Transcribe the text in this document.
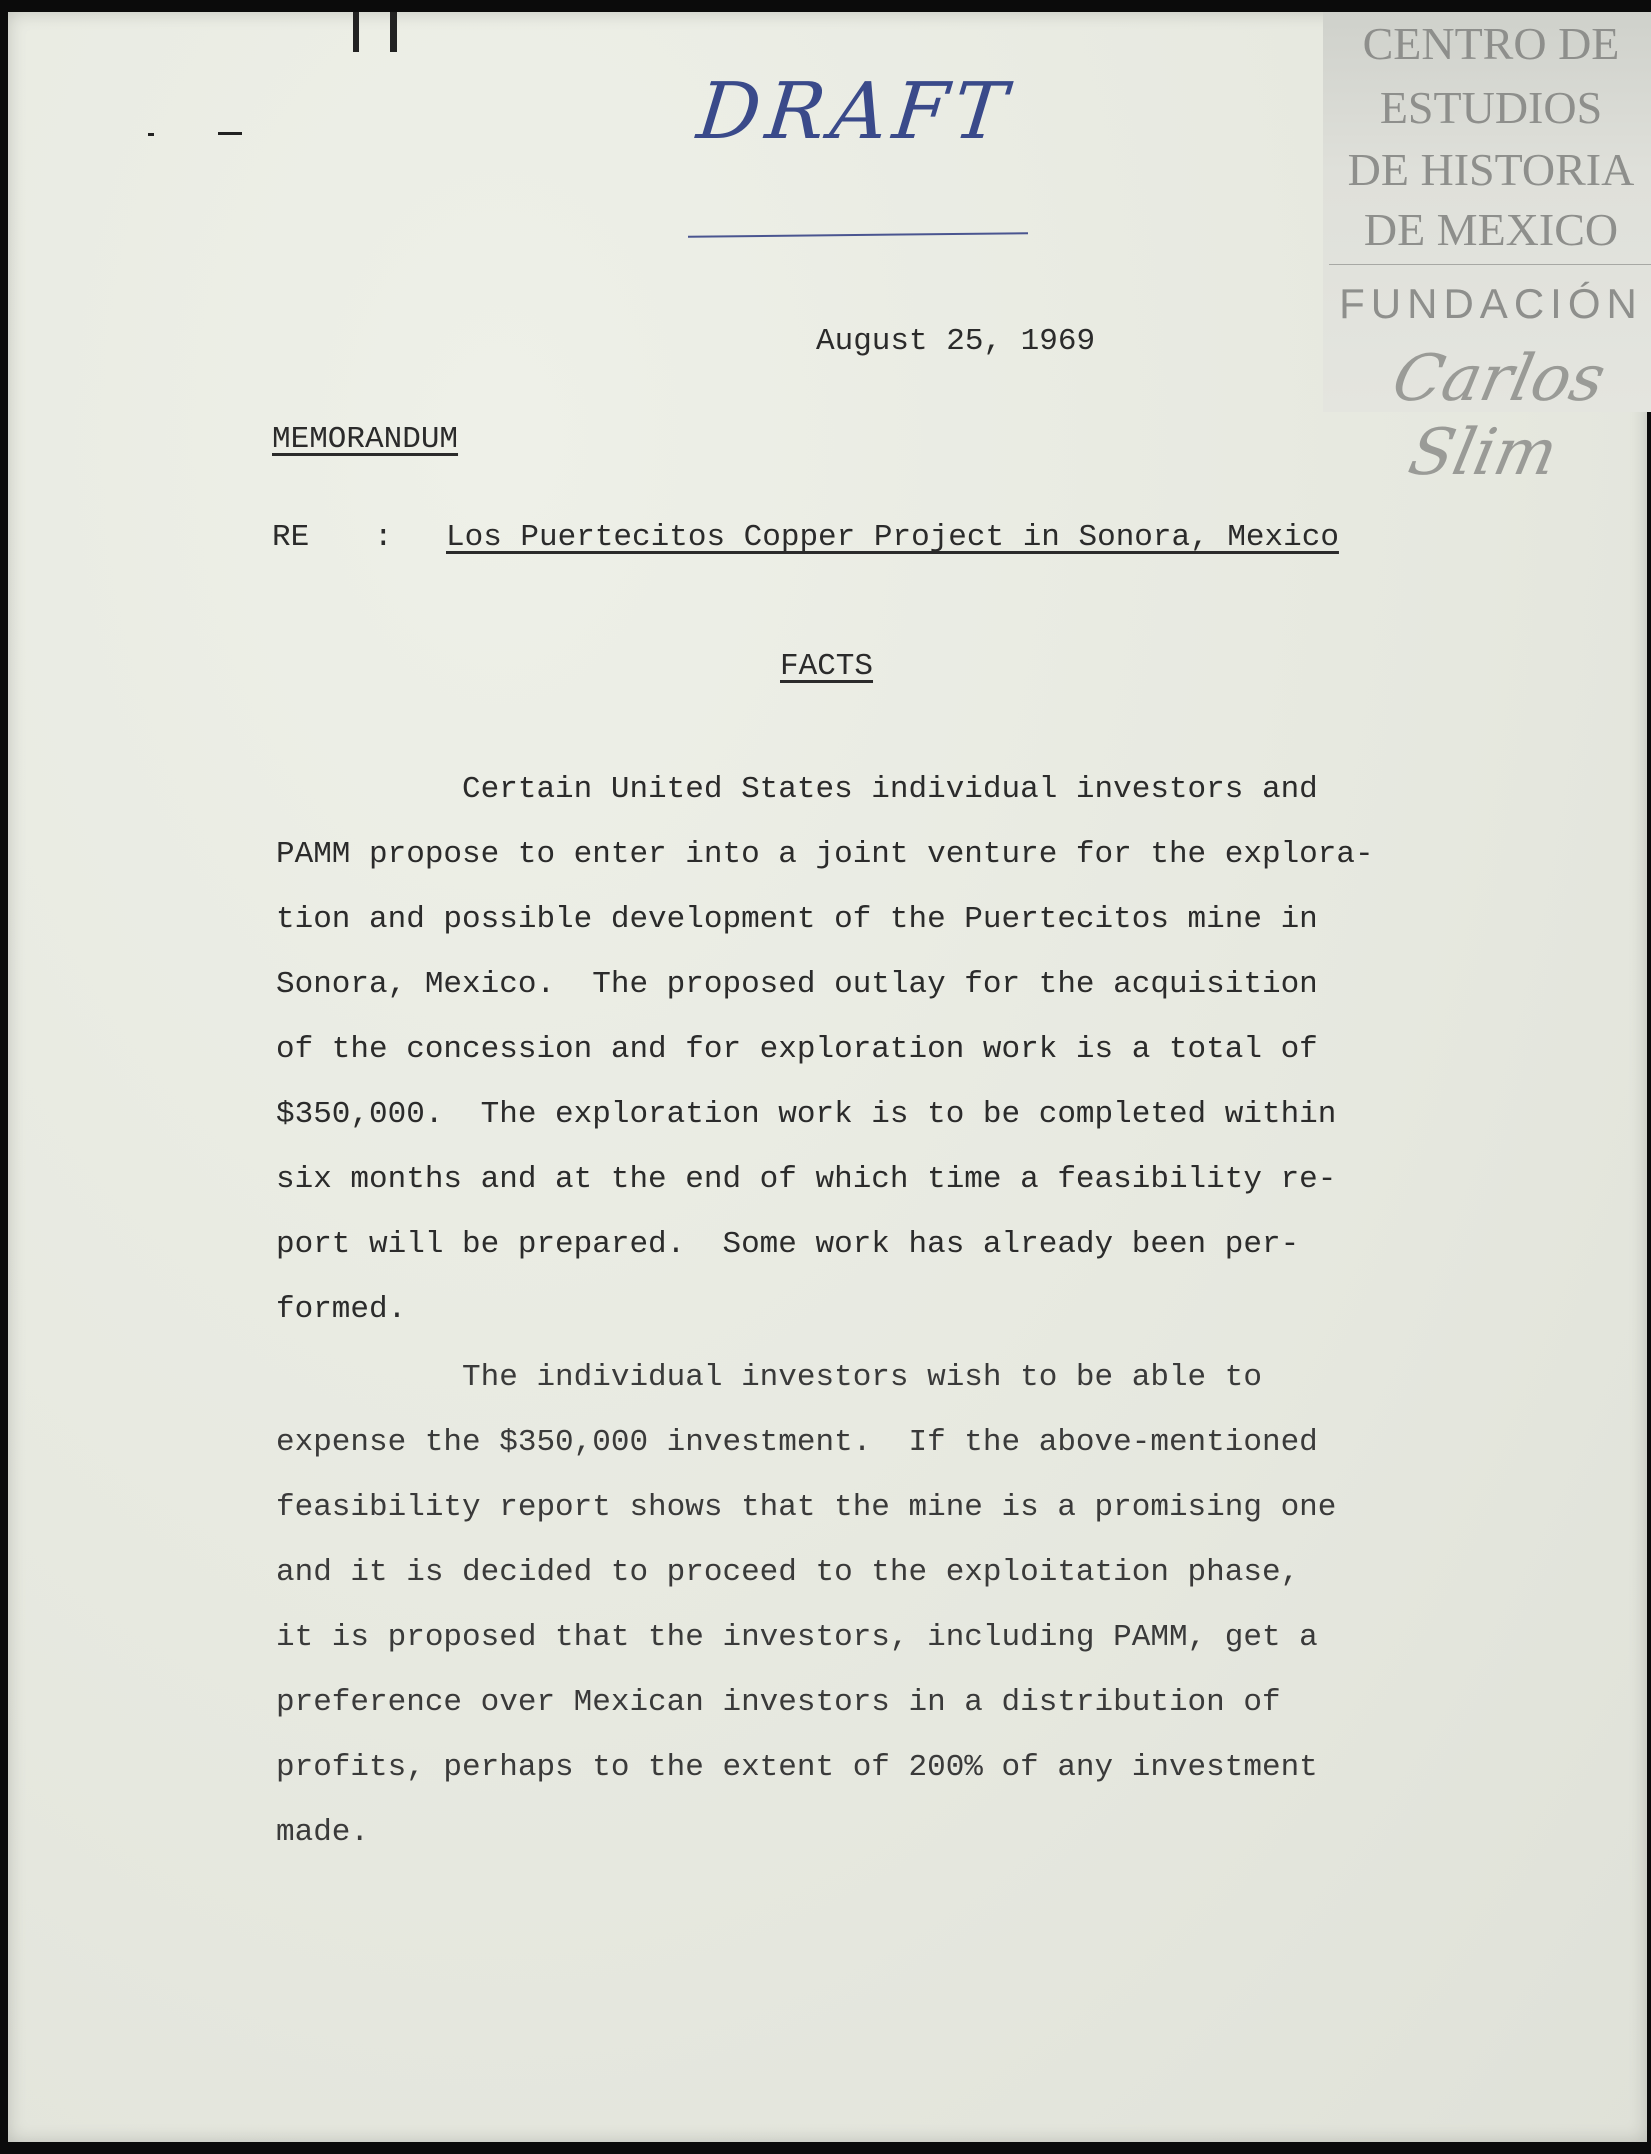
DRAFT
CENTRO DE
ESTUDIOS
DE HISTORIA
DE MEXICO
FUNDACIÓN
Carlos Slim
August 25, 1969
MEMORANDUM
RE : Los Puertecitos Copper Project in Sonora, Mexico
FACTS
Certain United States individual investors and
PAMM propose to enter into a joint venture for the explora-
tion and possible development of the Puertecitos mine in
Sonora, Mexico.  The proposed outlay for the acquisition
of the concession and for exploration work is a total of
$350,000.  The exploration work is to be completed within
six months and at the end of which time a feasibility re-
port will be prepared.  Some work has already been per-
formed.
The individual investors wish to be able to
expense the $350,000 investment.  If the above-mentioned
feasibility report shows that the mine is a promising one
and it is decided to proceed to the exploitation phase,
it is proposed that the investors, including PAMM, get a
preference over Mexican investors in a distribution of
profits, perhaps to the extent of 200% of any investment
made.
